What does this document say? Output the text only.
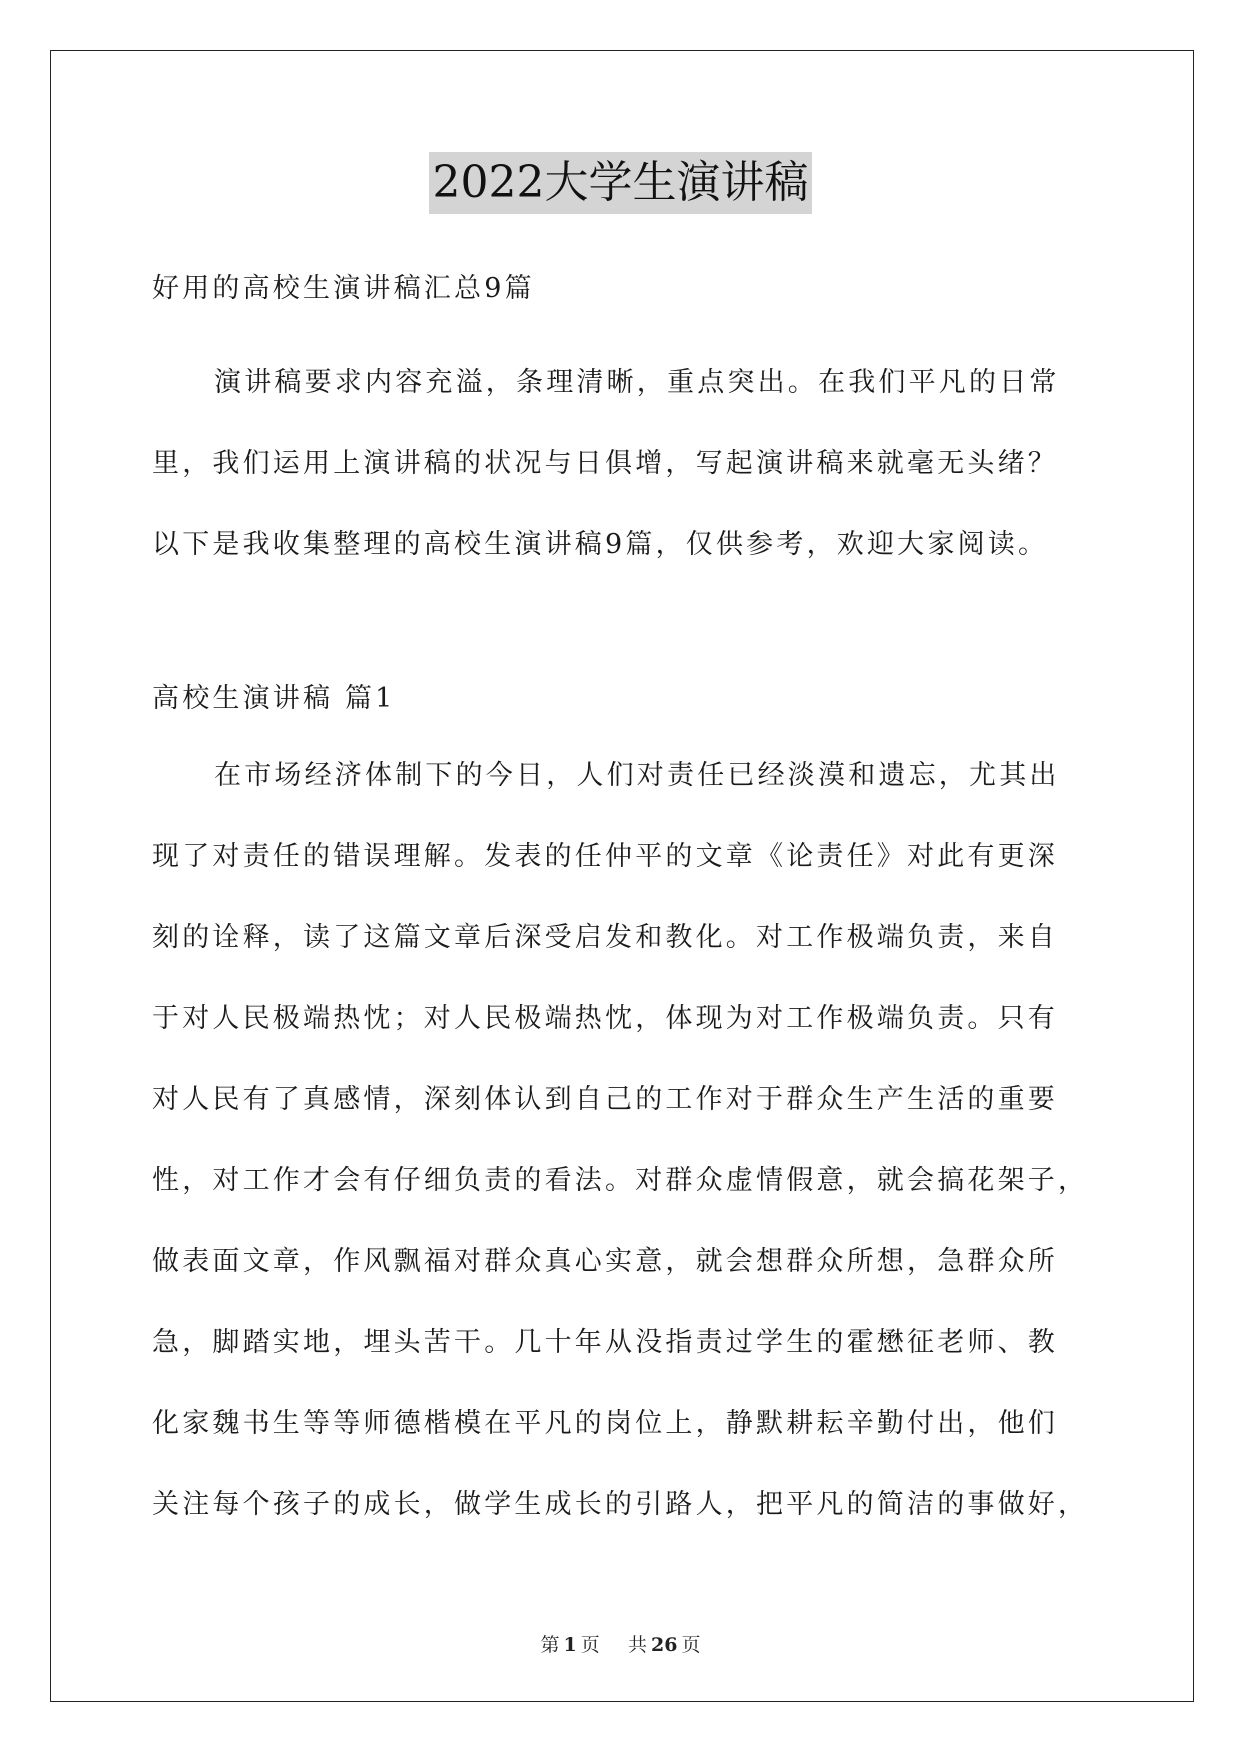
2022大学生演讲稿
好用的高校生演讲稿汇总9篇
演讲稿要求内容充溢，条理清晰，重点突出。在我们平凡的日常
里，我们运用上演讲稿的状况与日俱增，写起演讲稿来就毫无头绪？
以下是我收集整理的高校生演讲稿9篇，仅供参考，欢迎大家阅读。
高校生演讲稿 篇1
在市场经济体制下的今日，人们对责任已经淡漠和遗忘，尤其出
现了对责任的错误理解。发表的任仲平的文章《论责任》对此有更深
刻的诠释，读了这篇文章后深受启发和教化。对工作极端负责，来自
于对人民极端热忱；对人民极端热忱，体现为对工作极端负责。只有
对人民有了真感情，深刻体认到自己的工作对于群众生产生活的重要
性，对工作才会有仔细负责的看法。对群众虚情假意，就会搞花架子，
做表面文章，作风飘福对群众真心实意，就会想群众所想，急群众所
急，脚踏实地，埋头苦干。几十年从没指责过学生的霍懋征老师、教
化家魏书生等等师德楷模在平凡的岗位上，静默耕耘辛勤付出，他们
关注每个孩子的成长，做学生成长的引路人，把平凡的简洁的事做好，
第 1 页 共 26 页
